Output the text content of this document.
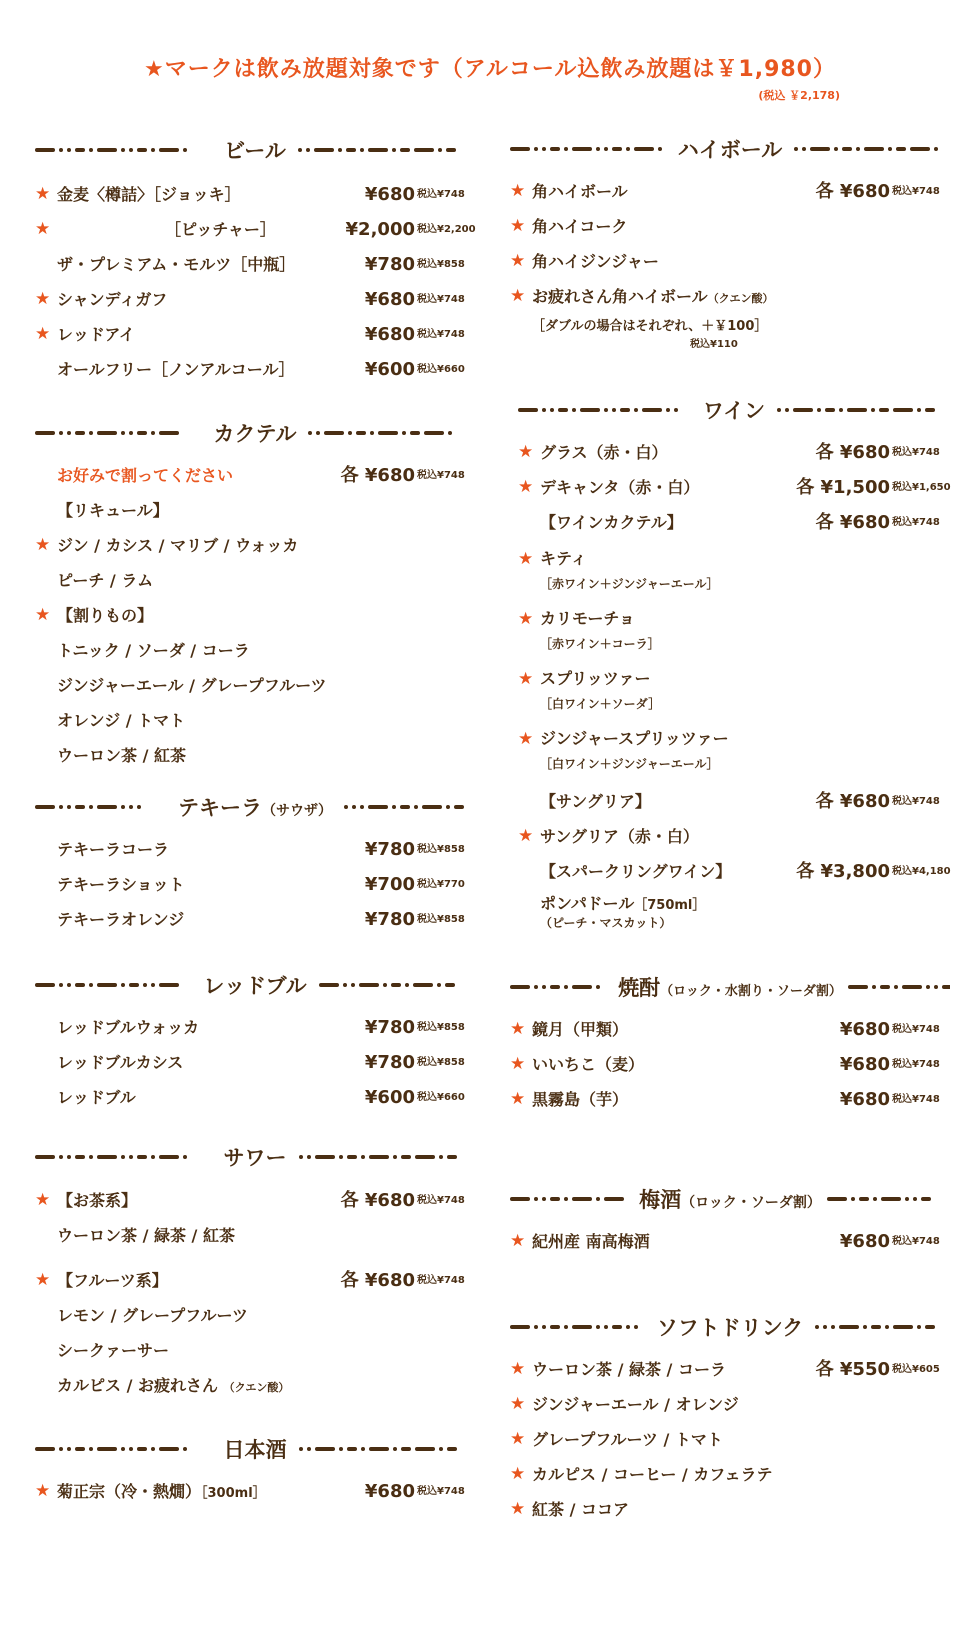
★マークは飲み放題対象です（アルコール込飲み放題は￥1,980）
(税込 ￥2,178)
ビール
★ 金麦〈樽詰〉［ジョッキ］	¥680 税込¥748
★	［ピッチャー］	¥2,000 税込¥2,200
ザ・プレミアム・モルツ［中瓶］	¥780 税込¥858
★ シャンディガフ	¥680 税込¥748
★ レッドアイ	¥680 税込¥748
オールフリー［ノンアルコール］	¥600 税込¥660
カクテル
お好みで割ってください	各 ¥680 税込¥748
【リキュール】
★ ジン / カシス / マリブ / ウォッカ
ピーチ / ラム
★ 【割りもの】
トニック / ソーダ / コーラ
ジンジャーエール / グレープフルーツ
オレンジ / トマト
ウーロン茶 / 紅茶
テキーラ（サウザ）
テキーラコーラ	¥780 税込¥858
テキーラショット	¥700 税込¥770
テキーラオレンジ	¥780 税込¥858
レッドブル
レッドブルウォッカ	¥780 税込¥858
レッドブルカシス	¥780 税込¥858
レッドブル	¥600 税込¥660
サワー
★ 【お茶系】	各 ¥680 税込¥748
ウーロン茶 / 緑茶 / 紅茶
★ 【フルーツ系】	各 ¥680 税込¥748
レモン / グレープフルーツ
シークァーサー
カルピス / お疲れさん （クエン酸）
日本酒
★ 菊正宗（冷・熱燗）［300ml］	¥680 税込¥748
ハイボール
★ 角ハイボール	各 ¥680 税込¥748
★ 角ハイコーク
★ 角ハイジンジャー
★ お疲れさん角ハイボール（クエン酸）
［ダブルの場合はそれぞれ、＋￥100］
税込¥110
ワイン
★ グラス（赤・白）	各 ¥680 税込¥748
★ デキャンタ（赤・白）	各 ¥1,500 税込¥1,650
【ワインカクテル】	各 ¥680 税込¥748
★ キティ
［赤ワイン＋ジンジャーエール］
★ カリモーチョ
［赤ワイン＋コーラ］
★ スプリッツァー
［白ワイン＋ソーダ］
★ ジンジャースプリッツァー
［白ワイン＋ジンジャーエール］
【サングリア】	各 ¥680 税込¥748
★ サングリア（赤・白）
【スパークリングワイン】	各 ¥3,800 税込¥4,180
ポンパドール［750ml］
（ピーチ・マスカット）
焼酎（ロック・水割り・ソーダ割）
★ 鏡月（甲類）	¥680 税込¥748
★ いいちこ（麦）	¥680 税込¥748
★ 黒霧島（芋）	¥680 税込¥748
梅酒（ロック・ソーダ割）
★ 紀州産 南高梅酒	¥680 税込¥748
ソフトドリンク
★ ウーロン茶 / 緑茶 / コーラ	各 ¥550 税込¥605
★ ジンジャーエール / オレンジ
★ グレープフルーツ / トマト
★ カルピス / コーヒー / カフェラテ
★ 紅茶 / ココア
